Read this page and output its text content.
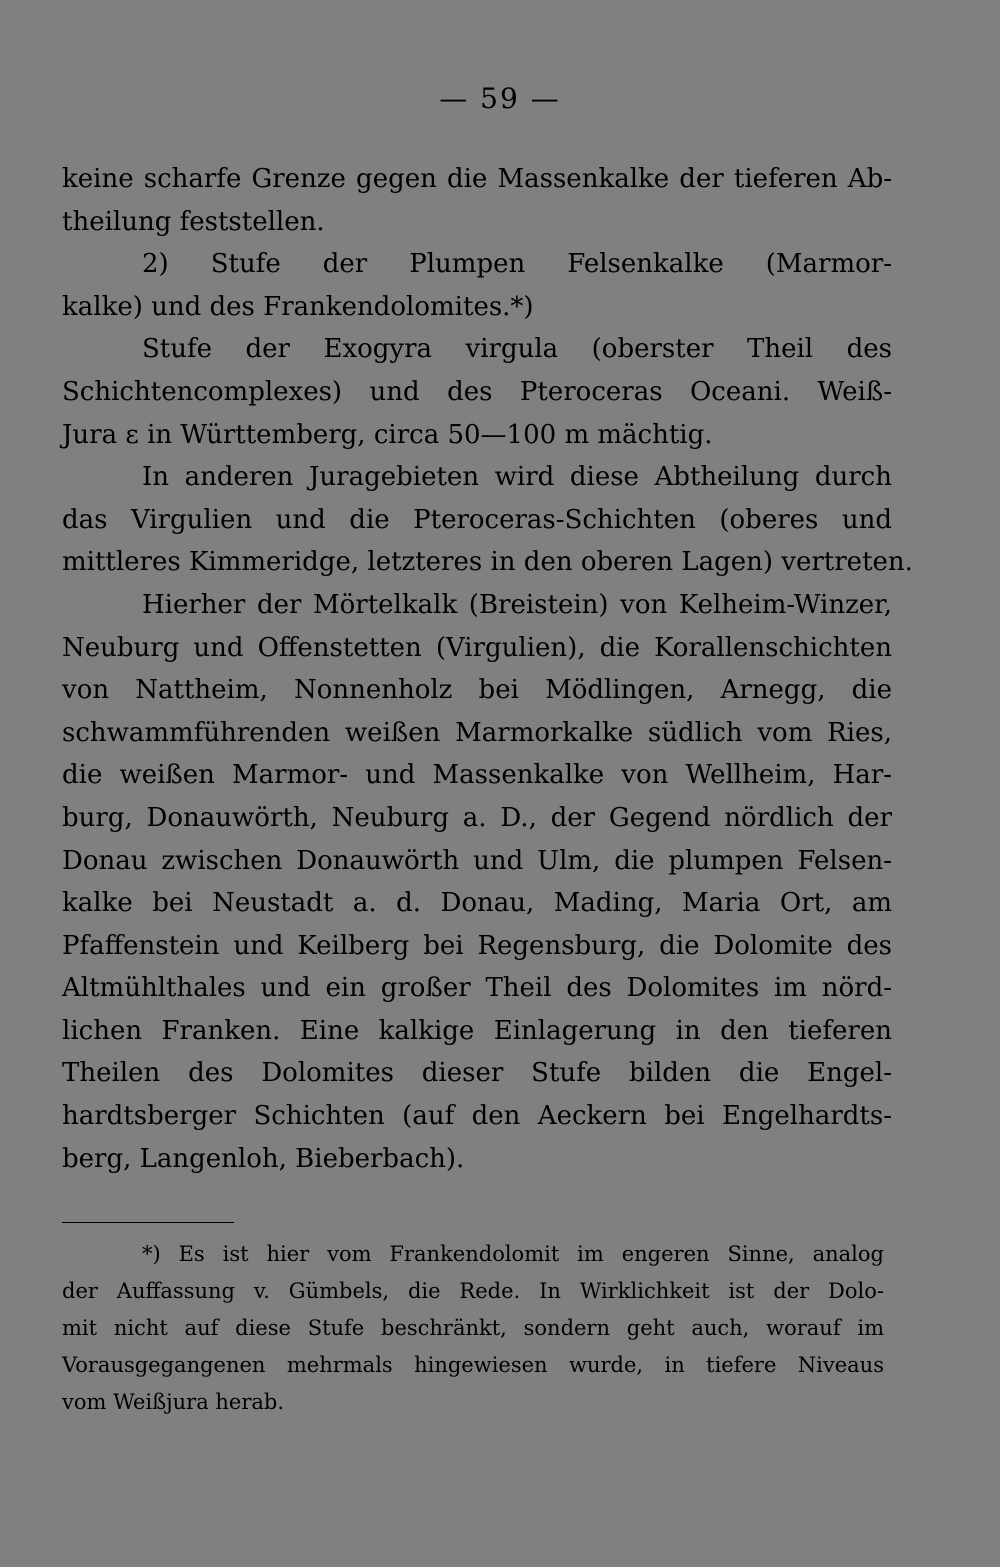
— 59 —
keine scharfe Grenze gegen die Massenkalke der tieferen Ab-
theilung feststellen.
2) Stufe der Plumpen Felsenkalke (Marmor-
kalke) und des Frankendolomites.*)
Stufe der Exogyra virgula (oberster Theil des
Schichtencomplexes) und des Pteroceras Oceani. Weiß-
Jura ε in Württemberg, circa 50—100 m mächtig.
In anderen Juragebieten wird diese Abtheilung durch
das Virgulien und die Pteroceras-Schichten (oberes und
mittleres Kimmeridge, letzteres in den oberen Lagen) vertreten.
Hierher der Mörtelkalk (Breistein) von Kelheim-Winzer,
Neuburg und Offenstetten (Virgulien), die Korallenschichten
von Nattheim, Nonnenholz bei Mödlingen, Arnegg, die
schwammführenden weißen Marmorkalke südlich vom Ries,
die weißen Marmor- und Massenkalke von Wellheim, Har-
burg, Donauwörth, Neuburg a. D., der Gegend nördlich der
Donau zwischen Donauwörth und Ulm, die plumpen Felsen-
kalke bei Neustadt a. d. Donau, Mading, Maria Ort, am
Pfaffenstein und Keilberg bei Regensburg, die Dolomite des
Altmühlthales und ein großer Theil des Dolomites im nörd-
lichen Franken. Eine kalkige Einlagerung in den tieferen
Theilen des Dolomites dieser Stufe bilden die Engel-
hardtsberger Schichten (auf den Aeckern bei Engelhardts-
berg, Langenloh, Bieberbach).
*) Es ist hier vom Frankendolomit im engeren Sinne, analog
der Auffassung v. Gümbels, die Rede. In Wirklichkeit ist der Dolo-
mit nicht auf diese Stufe beschränkt, sondern geht auch, worauf im
Vorausgegangenen mehrmals hingewiesen wurde, in tiefere Niveaus
vom Weißjura herab.
